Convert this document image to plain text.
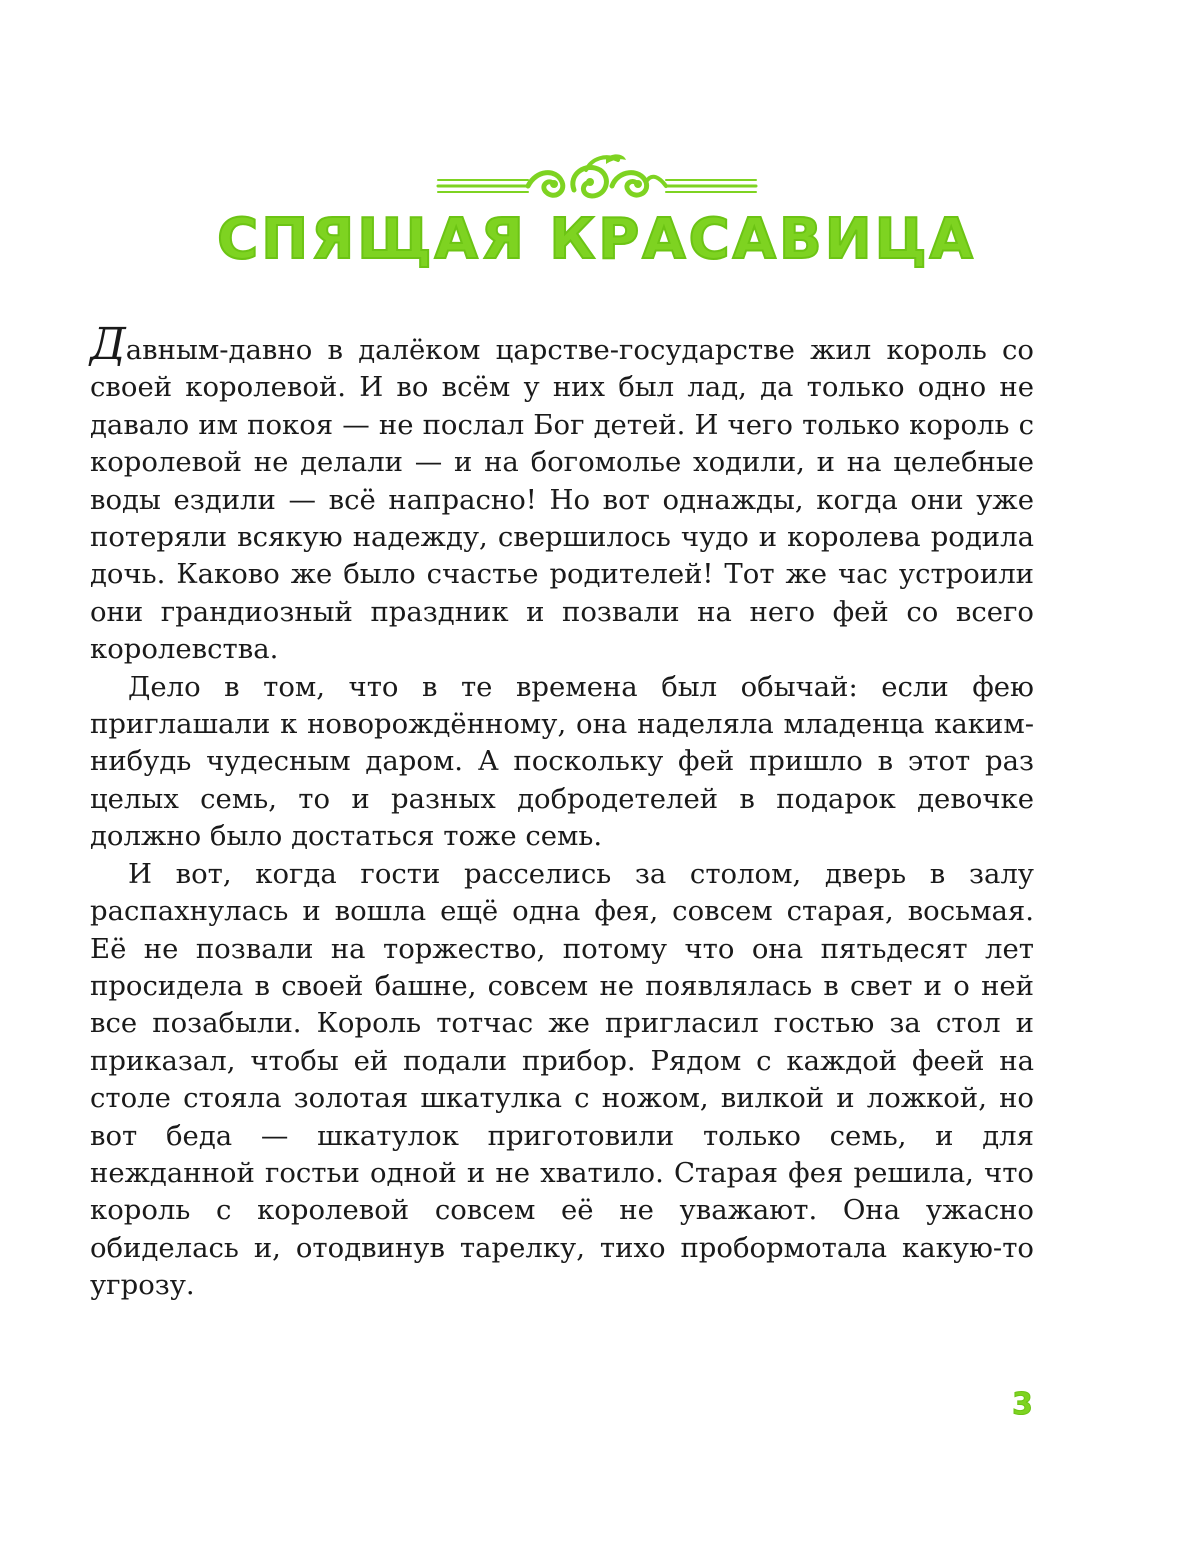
СПЯЩАЯ КРАСАВИЦА

Давным-давно в далёком царстве-государстве жил король со своей королевой. И во всём у них был лад, да только одно не давало им покоя — не послал Бог детей. И чего только король с королевой не делали — и на богомолье ходили, и на целебные воды ездили — всё напрасно! Но вот однажды, когда они уже потеряли всякую надежду, свершилось чудо и королева родила дочь. Каково же было счастье родителей! Тот же час устроили они грандиозный праздник и позвали на него фей со всего королевства.

Дело в том, что в те времена был обычай: если фею приглашали к новорождённому, она наделяла младенца каким-нибудь чудесным даром. А поскольку фей пришло в этот раз целых семь, то и разных добродетелей в подарок девочке должно было достаться тоже семь.

И вот, когда гости расселись за столом, дверь в залу распахнулась и вошла ещё одна фея, совсем старая, восьмая. Её не позвали на торжество, потому что она пятьдесят лет просидела в своей башне, совсем не появлялась в свет и о ней все позабыли. Король тотчас же пригласил гостью за стол и приказал, чтобы ей подали прибор. Рядом с каждой феей на столе стояла золотая шкатулка с ножом, вилкой и ложкой, но вот беда — шкатулок приготовили только семь, и для нежданной гостьи одной и не хватило. Старая фея решила, что король с королевой совсем её не уважают. Она ужасно обиделась и, отодвинув тарелку, тихо пробормотала какую-то угрозу.

3
